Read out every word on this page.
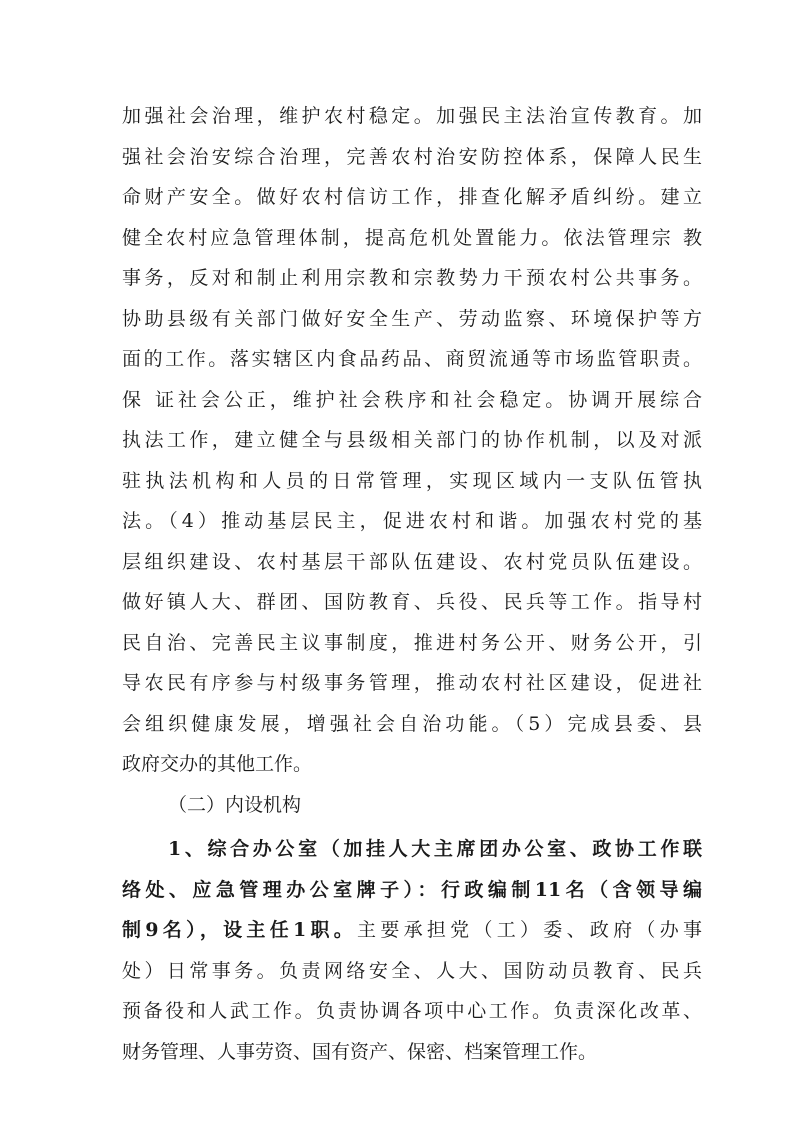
加强社会治理，维护农村稳定。加强民主法治宣传教育。加
强社会治安综合治理，完善农村治安防控体系，保障人民生
命财产安全。做好农村信访工作，排查化解矛盾纠纷。建立
健全农村应急管理体制，提高危机处置能力。依法管理宗 教
事务，反对和制止利用宗教和宗教势力干预农村公共事务。
协助县级有关部门做好安全生产、劳动监察、环境保护等方
面的工作。落实辖区内食品药品、商贸流通等市场监管职责。
保 证社会公正，维护社会秩序和社会稳定。协调开展综合
执法工作，建立健全与县级相关部门的协作机制，以及对派
驻执法机构和人员的日常管理，实现区域内一支队伍管执
法。（4）推动基层民主，促进农村和谐。加强农村党的基
层组织建设、农村基层干部队伍建设、农村党员队伍建设。
做好镇人大、群团、国防教育、兵役、民兵等工作。指导村
民自治、完善民主议事制度，推进村务公开、财务公开，引
导农民有序参与村级事务管理，推动农村社区建设，促进社
会组织健康发展，增强社会自治功能。（5）完成县委、县
政府交办的其他工作。
（二）内设机构
1、综合办公室（加挂人大主席团办公室、政协工作联
络处、应急管理办公室牌子）：行政编制11名（含领导编
制9名），设主任1职。主要承担党（工）委、政府（办事
处）日常事务。负责网络安全、人大、国防动员教育、民兵
预备役和人武工作。负责协调各项中心工作。负责深化改革、
财务管理、人事劳资、国有资产、保密、档案管理工作。
